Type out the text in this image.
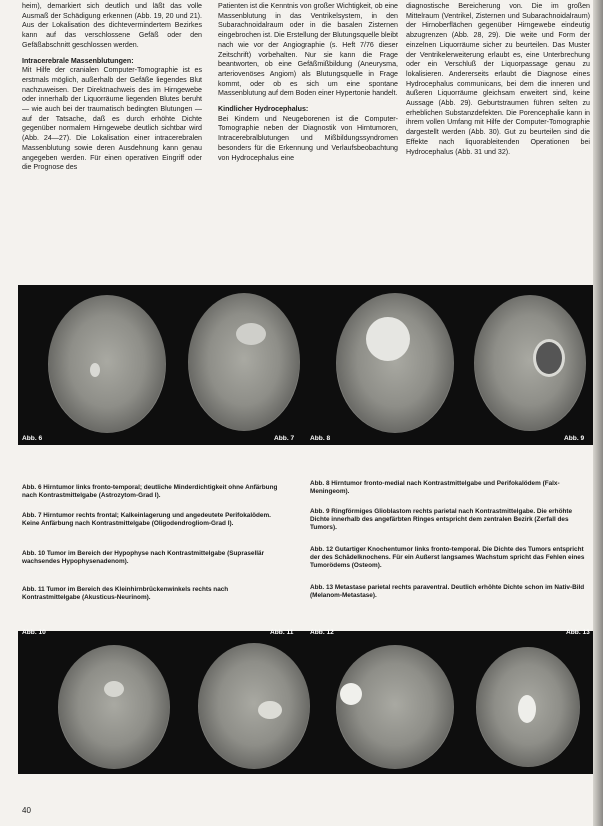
heim), demarkiert sich deutlich und läßt das volle Ausmaß der Schädigung erkennen (Abb. 19, 20 und 21). Aus der Lokalisation des dichtevermindertem Bezirkes kann auf das verschlossene Gefäß oder den Gefäßabschnitt geschlossen werden.

Intracerebrale Massenblutungen:
Mit Hilfe der cranialen Computer-Tomographie ist es erstmals möglich, außerhalb der Gefäße liegendes Blut nachzuweisen. Der Direktnachweis des im Hirngewebe oder innerhalb der Liquorräume liegenden Blutes beruht — wie auch bei der traumatisch bedingten Blutungen — auf der Tatsache, daß es durch erhöhte Dichte gegenüber normalem Hirngewebe deutlich sichtbar wird (Abb. 24—27). Die Lokalisation einer intracerebralen Massenblutung sowie deren Ausdehnung kann genau angegeben werden. Für einen operativen Eingriff oder die Prognose des

Patienten ist die Kenntnis von großer Wichtigkeit, ob eine Massenblutung in das Ventrikelsystem, in den Subarachnoidalraum oder in die basalen Zisternen eingebrochen ist. Die Erstellung der Blutungsquelle bleibt nach wie vor der Angiographie (s. Heft 7/76 dieser Zeitschrift) vorbehalten. Nur sie kann die Frage beantworten, ob eine Gefäßmißbildung (Aneurysma, arteriovenöses Angiom) als Blutungsquelle in Frage kommt, oder ob es sich um eine spontane Massenblutung auf dem Boden einer Hypertonie handelt.

Kindlicher Hydrocephalus:
Bei Kindern und Neugeborenen ist die Computer-Tomographie neben der Diagnostik von Hirntumoren, Intracerebralblutungen und Mißbildungssyndromen besonders für die Erkennung und Verlaufsbeobachtung von Hydrocephalus eine

diagnostische Bereicherung von. Die im großen Mittelraum (Ventrikel, Zisternen und Subarachnoidalraum) der Hirnoberflächen gegenüber Hirngewebe eindeutig abzugrenzen (Abb. 28, 29). Die weite und Form der einzelnen Liquorräume sicher zu beurteilen. Das Muster der Ventrikelerweiterung erlaubt es, eine Unterbrechung oder ein Verschluß der Liquorpassage genau zu lokalisieren. Andererseits erlaubt die Diagnose eines Hydrocephalus communicans, bei dem die inneren und äußeren Liquorräume gleichsam erweitert sind, keine Aussage (Abb. 29). Geburtstraumen führen selten zu erheblichen Substanzdefekten. Die Porencephalie kann in ihrem vollen Umfang mit Hilfe der Computer-Tomographie dargestellt werden (Abb. 30). Gut zu beurteilen sind die Effekte nach liquorableitenden Operationen bei Hydrocephalus (Abb. 31 und 32).

Abb. 6	Abb. 7 Abb. 8	Abb. 9
Abb. 6 Hirntumor links fronto-temporal; deutliche Minderdichtigkeit ohne Anfärbung nach Kontrastmittelgabe (Astrozytom-Grad I).
Abb. 7 Hirntumor rechts frontal; Kalkeinlagerung und angedeutete Perifokalödem. Keine Anfärbung nach Kontrastmittelgabe (Oligodendrogliom-Grad I).
Abb. 10 Tumor im Bereich der Hypophyse nach Kontrastmittelgabe (Suprasellär wachsendes Hypophysenadenom).
Abb. 11 Tumor im Bereich des Kleinhirnbrückenwinkels rechts nach Kontrastmittelgabe (Akusticus-Neurinom).
Abb. 8 Hirntumor fronto-medial nach Kontrastmittelgabe und Perifokalödem (Falx-Meningeom).
Abb. 9 Ringförmiges Glioblastom rechts parietal nach Kontrastmittelgabe. Die erhöhte Dichte innerhalb des angefärbten Ringes entspricht dem zentralen Bezirk (Zerfall des Tumors).
Abb. 12 Gutartiger Knochentumor links fronto-temporal. Die Dichte des Tumors entspricht der des Schädelknochens. Für ein Außerst langsames Wachstum spricht das Fehlen eines Tumorödems (Osteom).
Abb. 13 Metastase parietal rechts paraventral. Deutlich erhöhte Dichte schon im Nativ-Bild (Melanom-Metastase).
Abb. 10	Abb. 11	Abb. 12	Abb. 13
40
